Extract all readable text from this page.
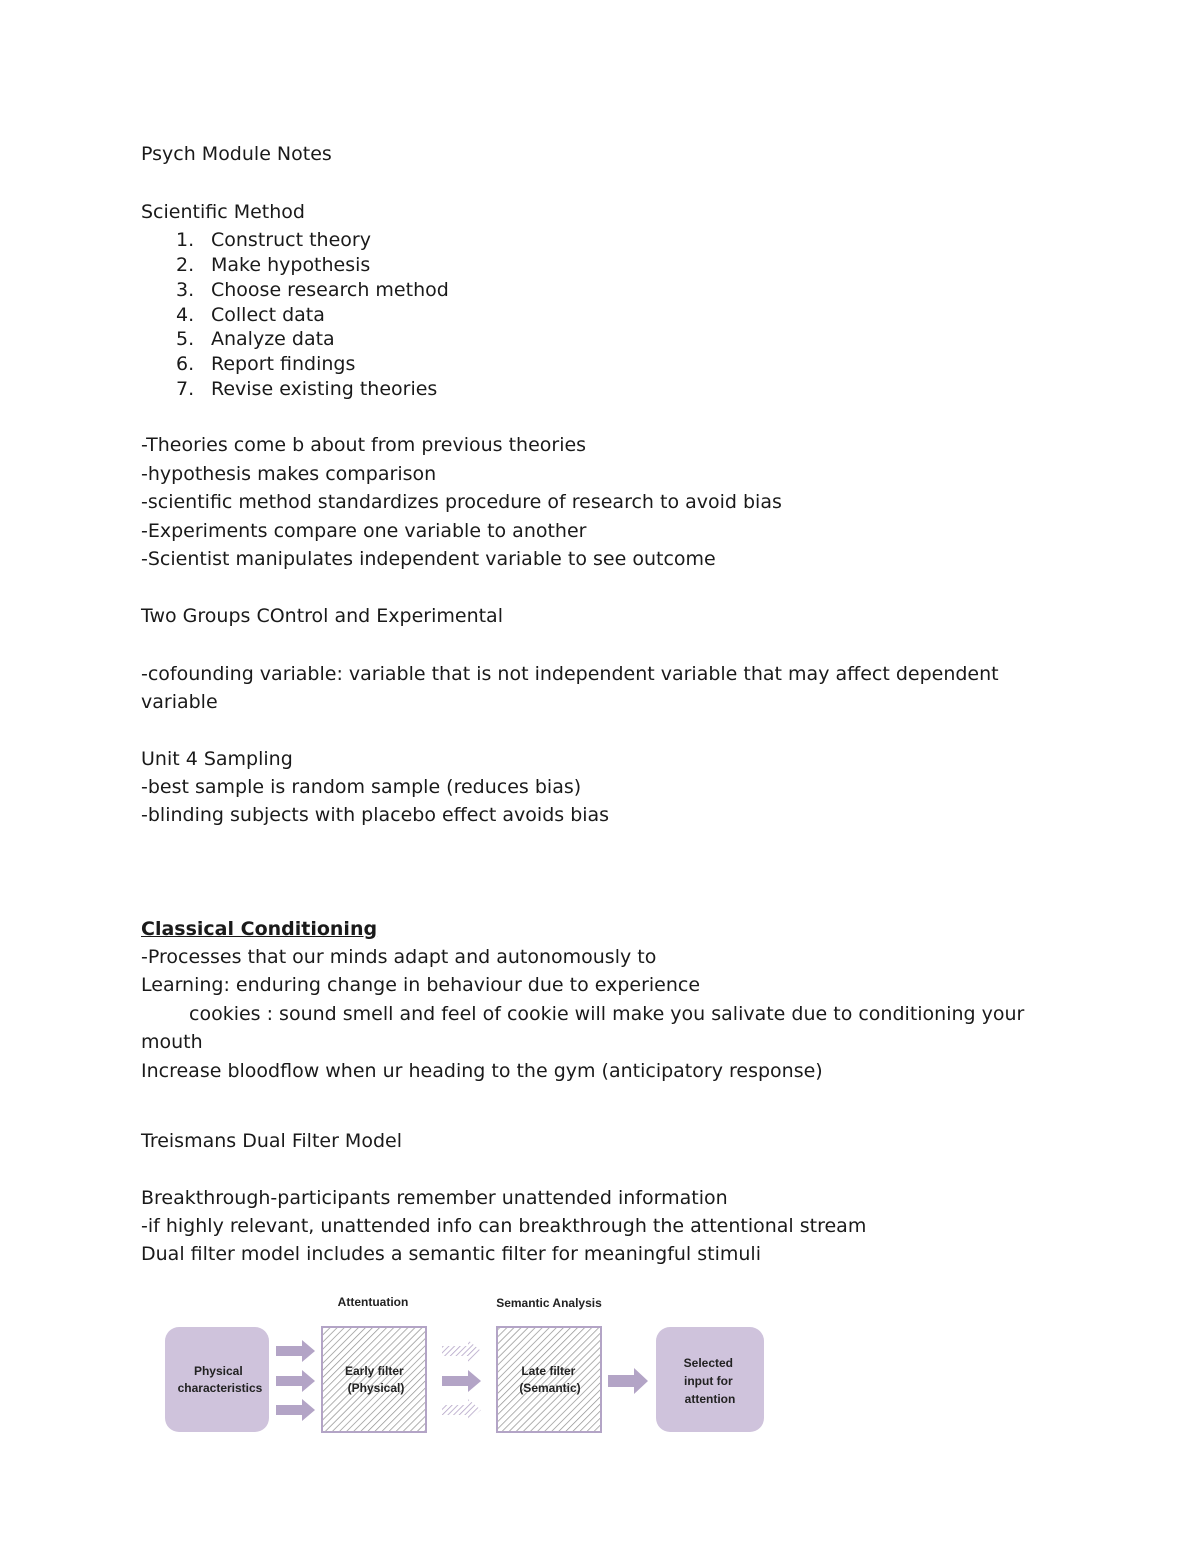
Psych Module Notes
Scientific Method
1. Construct theory
2. Make hypothesis
3. Choose research method
4. Collect data
5. Analyze data
6. Report findings
7. Revise existing theories
-Theories come b about from previous theories
-hypothesis makes comparison
-scientific method standardizes procedure of research to avoid bias
-Experiments compare one variable to another
-Scientist manipulates independent variable to see outcome
Two Groups COntrol and Experimental
-cofounding variable: variable that is not independent variable that may affect dependent
variable
Unit 4 Sampling
-best sample is random sample (reduces bias)
-blinding subjects with placebo effect avoids bias
Classical Conditioning
-Processes that our minds adapt and autonomously to
Learning: enduring change in behaviour due to experience
cookies : sound smell and feel of cookie will make you salivate due to conditioning your
mouth
Increase bloodflow when ur heading to the gym (anticipatory response)
Treismans Dual Filter Model
Breakthrough-participants remember unattended information
-if highly relevant, unattended info can breakthrough the attentional stream
Dual filter model includes a semantic filter for meaningful stimuli
Attentuation	Semantic Analysis
Physical characteristics
Early filter (Physical)
Late filter (Semantic)
Selected input for attention
